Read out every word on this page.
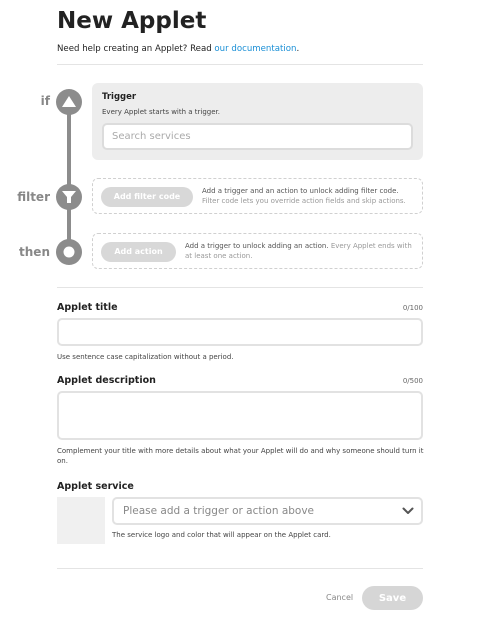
New Applet
Need help creating an Applet? Read our documentation.
if
filter
then
Trigger
Every Applet starts with a trigger.
Search services
Add filter code
Add a trigger and an action to unlock adding filter code. Filter code lets you override action fields and skip actions.
Add action
Add a trigger to unlock adding an action. Every Applet ends with at least one action.
Applet title	0/100
Use sentence case capitalization without a period.
Applet description	0/500
Complement your title with more details about what your Applet will do and why someone should turn it on.
Applet service
Please add a trigger or action above
The service logo and color that will appear on the Applet card.
Cancel	Save
